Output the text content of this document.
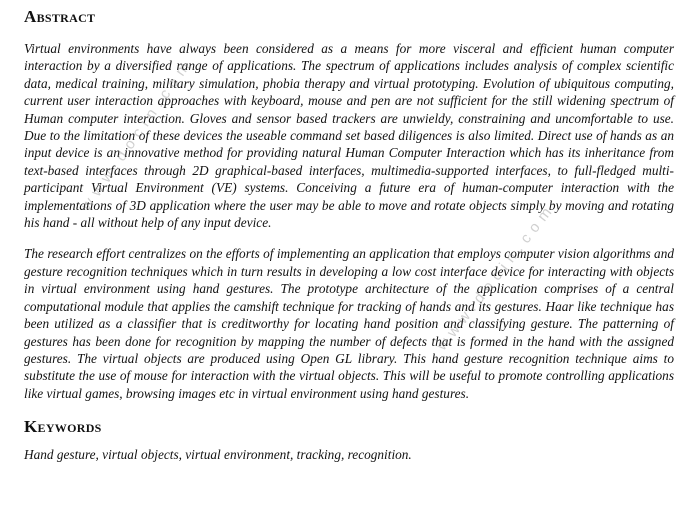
Abstract

Virtual environments have always been considered as a means for more visceral and efficient human computer interaction by a diversified range of applications. The spectrum of applications includes analysis of complex scientific data, medical training, military simulation, phobia therapy and virtual prototyping. Evolution of ubiquitous computing, current user interaction approaches with keyboard, mouse and pen are not sufficient for the still widening spectrum of Human computer interaction. Gloves and sensor based trackers are unwieldy, constraining and uncomfortable to use. Due to the limitation of these devices the useable command set based diligences is also limited. Direct use of hands as an input device is an innovative method for providing natural Human Computer Interaction which has its inheritance from text-based interfaces through 2D graphical-based interfaces, multimedia-supported interfaces, to full-fledged multi-participant Virtual Environment (VE) systems. Conceiving a future era of human-computer interaction with the implementations of 3D application where the user may be able to move and rotate objects simply by moving and rotating his hand - all without help of any input device.

The research effort centralizes on the efforts of implementing an application that employs computer vision algorithms and gesture recognition techniques which in turn results in developing a low cost interface device for interacting with objects in virtual environment using hand gestures. The prototype architecture of the application comprises of a central computational module that applies the camshift technique for tracking of hands and its gestures. Haar like technique has been utilized as a classifier that is creditworthy for locating hand position and classifying gesture. The patterning of gestures has been done for recognition by mapping the number of defects that is formed in the hand with the assigned gestures. The virtual objects are produced using Open GL library. This hand gesture recognition technique aims to substitute the use of mouse for interaction with the virtual objects. This will be useful to promote controlling applications like virtual games, browsing images etc in virtual environment using hand gestures.

Keywords

Hand gesture, virtual objects, virtual environment, tracking, recognition.

www.docin.com
www.docin.com
